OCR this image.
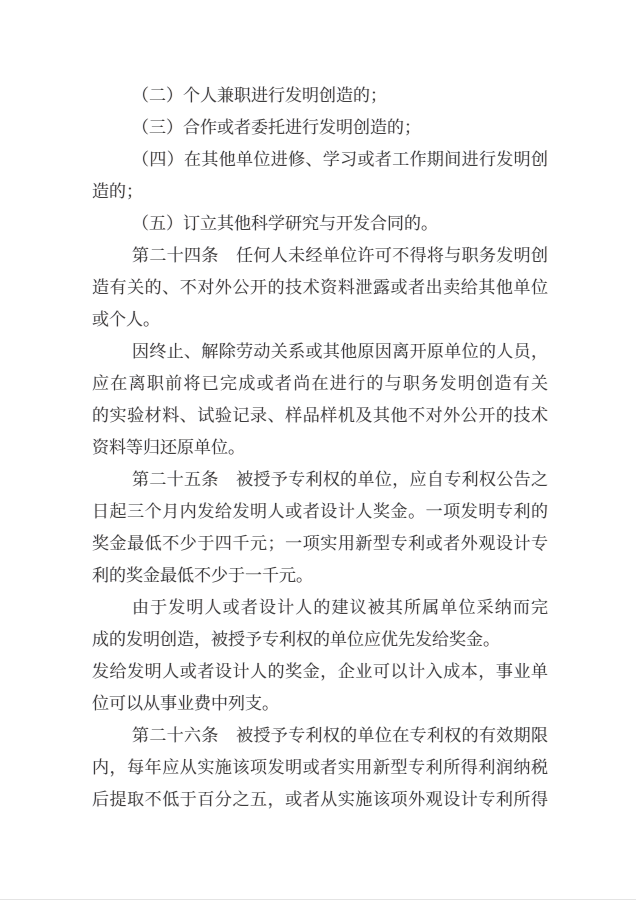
（二）个人兼职进行发明创造的；
（三）合作或者委托进行发明创造的；
（四）在其他单位进修、学习或者工作期间进行发明创
造的；
（五）订立其他科学研究与开发合同的。
第二十四条　任何人未经单位许可不得将与职务发明创
造有关的、不对外公开的技术资料泄露或者出卖给其他单位
或个人。
因终止、解除劳动关系或其他原因离开原单位的人员，
应在离职前将已完成或者尚在进行的与职务发明创造有关
的实验材料、试验记录、样品样机及其他不对外公开的技术
资料等归还原单位。
第二十五条　被授予专利权的单位，应自专利权公告之
日起三个月内发给发明人或者设计人奖金。一项发明专利的
奖金最低不少于四千元；一项实用新型专利或者外观设计专
利的奖金最低不少于一千元。
由于发明人或者设计人的建议被其所属单位采纳而完
成的发明创造，被授予专利权的单位应优先发给奖金。
发给发明人或者设计人的奖金，企业可以计入成本，事业单
位可以从事业费中列支。
第二十六条　被授予专利权的单位在专利权的有效期限
内，每年应从实施该项发明或者实用新型专利所得利润纳税
后提取不低于百分之五，或者从实施该项外观设计专利所得
